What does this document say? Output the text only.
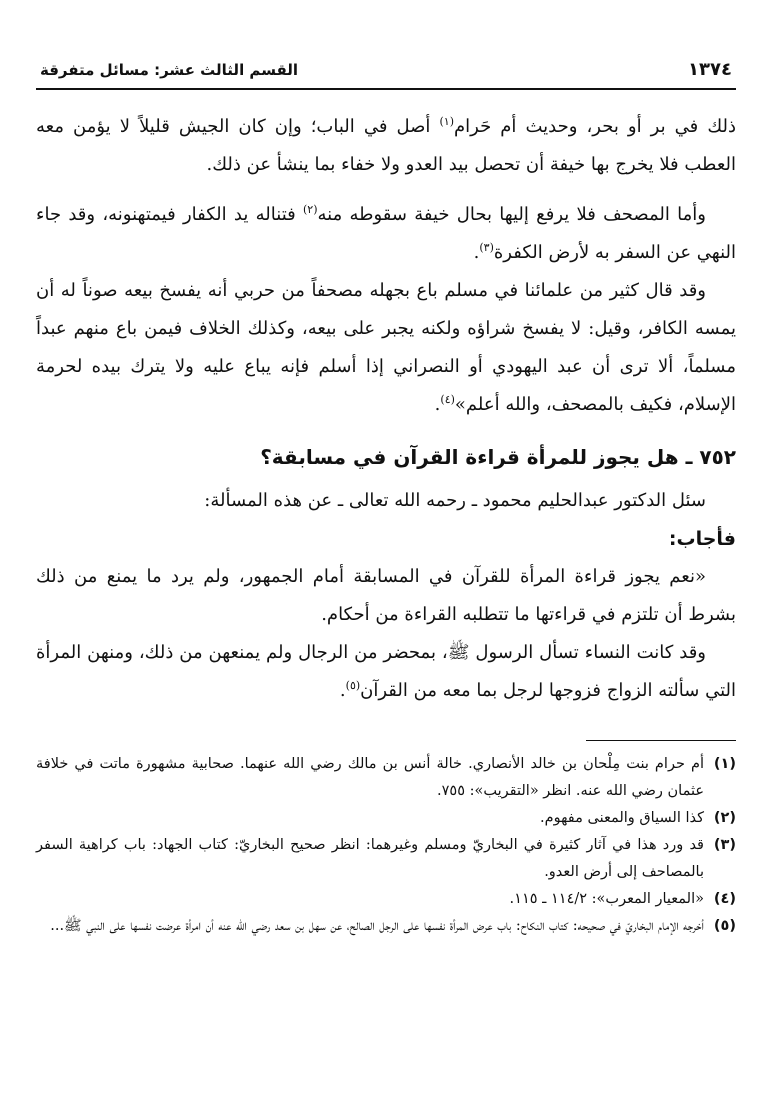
١٣٧٤
القسم الثالث عشر: مسائل متفرقة

ذلك في بر أو بحر، وحديث أم حَرام$^{(١)}$ أصل في الباب؛ وإن كان الجيش قليلاً لا يؤمن معه العطب فلا يخرج بها خيفة أن تحصل بيد العدو ولا خفاء بما ينشأ عن ذلك.

وأما المصحف فلا يرفع إليها بحال خيفة سقوطه منه$^{(٢)}$ فتناله يد الكفار فيمتهنونه، وقد جاء النهي عن السفر به لأرض الكفرة$^{(٣)}$.

وقد قال كثير من علمائنا في مسلم باع بجهله مصحفاً من حربي أنه يفسخ بيعه صوناً له أن يمسه الكافر، وقيل: لا يفسخ شراؤه ولكنه يجبر على بيعه، وكذلك الخلاف فيمن باع منهم عبداً مسلماً، ألا ترى أن عبد اليهودي أو النصراني إذا أسلم فإنه يباع عليه ولا يترك بيده لحرمة الإسلام، فكيف بالمصحف، والله أعلم»$^{(٤)}$.

٧٥٢ ـ هل يجوز للمرأة قراءة القرآن في مسابقة؟

سئل الدكتور عبدالحليم محمود ـ رحمه الله تعالى ـ عن هذه المسألة:

فأجاب:

«نعم يجوز قراءة المرأة للقرآن في المسابقة أمام الجمهور، ولم يرد ما يمنع من ذلك بشرط أن تلتزم في قراءتها ما تتطلبه القراءة من أحكام.

وقد كانت النساء تسأل الرسول ﷺ، بمحضر من الرجال ولم يمنعهن من ذلك، ومنهن المرأة التي سألته الزواج فزوجها لرجل بما معه من القرآن$^{(٥)}$.

(١)
أم حرام بنت مِلْحان بن خالد الأنصاري. خالة أنس بن مالك رضي الله عنهما. صحابية مشهورة ماتت في خلافة عثمان رضي الله عنه. انظر «التقريب»: ٧٥٥.
(٢)
كذا السياق والمعنى مفهوم.
(٣)
قد ورد هذا في آثار كثيرة في البخاريّ ومسلم وغيرهما: انظر صحيح البخاريّ: كتاب الجهاد: باب كراهية السفر بالمصاحف إلى أرض العدو.
(٤)
«المعيار المعرب»: ١١٤/٢ ـ ١١٥.
(٥)
أخرجه الإمام البخاريّ في صحيحه: كتاب النكاح: باب عرض المرأة نفسها على الرجل الصالح، عن سهل بن سعد رضي الله عنه أن امرأة عرضت نفسها على النبي ﷺ...
